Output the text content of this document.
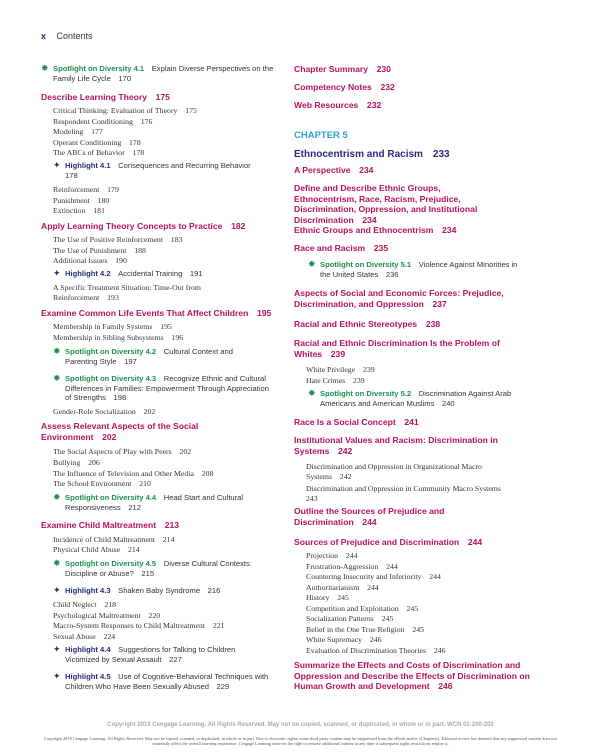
x Contents
✸ Spotlight on Diversity 4.1   Explain Diverse Perspectives on the Family Life Cycle   170
Describe Learning Theory   175
Critical Thinking: Evaluation of Theory   175
Respondent Conditioning   176
Modeling   177
Operant Conditioning   178
The ABCs of Behavior   178
✦ Highlight 4.1   Consequences and Recurring Behavior  178
Reinforcement   179
Punishment   180
Extinction   181
Apply Learning Theory Concepts to Practice   182
The Use of Positive Reinforcement   183
The Use of Punishment   188
Additional Issues   190
✦ Highlight 4.2   Accidental Training   191
A Specific Treatment Situation: Time-Out from Reinforcement   193
Examine Common Life Events That Affect Children   195
Membership in Family Systems   195
Membership in Sibling Subsystems   196
✸ Spotlight on Diversity 4.2   Cultural Context and Parenting Style   197
✸ Spotlight on Diversity 4.3   Recognize Ethnic and Cultural Differences in Families: Empowerment Through Appreciation of Strengths   198
Gender-Role Socialization   202
Assess Relevant Aspects of the Social Environment   202
The Social Aspects of Play with Peers   202
Bullying   206
The Influence of Television and Other Media   208
The School Environment   210
✸ Spotlight on Diversity 4.4   Head Start and Cultural Responsiveness   212
Examine Child Maltreatment   213
Incidence of Child Maltreatment   214
Physical Child Abuse   214
✸ Spotlight on Diversity 4.5   Diverse Cultural Contexts: Discipline or Abuse?   215
✦ Highlight 4.3   Shaken Baby Syndrome   216
Child Neglect   218
Psychological Maltreatment   220
Macro-System Responses to Child Maltreatment   221
Sexual Abuse   224
✦ Highlight 4.4   Suggestions for Talking to Children Victimized by Sexual Assault   227
✦ Highlight 4.5   Use of Cognitive-Behavioral Techniques with Children Who Have Been Sexually Abused   229
Chapter Summary   230
Competency Notes   232
Web Resources   232
CHAPTER 5
Ethnocentrism and Racism   233
A Perspective   234
Define and Describe Ethnic Groups, Ethnocentrism, Race, Racism, Prejudice, Discrimination, Oppression, and Institutional Discrimination   234
Ethnic Groups and Ethnocentrism   234
Race and Racism   235
✸ Spotlight on Diversity 5.1   Violence Against Minorities in the United States   236
Aspects of Social and Economic Forces: Prejudice, Discrimination, and Oppression   237
Racial and Ethnic Stereotypes   238
Racial and Ethnic Discrimination Is the Problem of Whites   239
White Privilege   239
Hate Crimes   239
✸ Spotlight on Diversity 5.2   Discrimination Against Arab Americans and American Muslims   240
Race Is a Social Concept   241
Institutional Values and Racism: Discrimination in Systems   242
Discrimination and Oppression in Organizational Macro Systems   242
Discrimination and Oppression in Community Macro Systems  243
Outline the Sources of Prejudice and Discrimination   244
Sources of Prejudice and Discrimination   244
Projection   244
Frustration-Aggression   244
Countering Insecurity and Inferiority   244
Authoritarianism   244
History   245
Competition and Exploitation   245
Socialization Patterns   245
Belief in the One True Religion   245
White Supremacy   246
Evaluation of Discrimination Theories   246
Summarize the Effects and Costs of Discrimination and Oppression and Describe the Effects of Discrimination on Human Growth and Development   246
Copyright 2019 Cengage Learning. All Rights Reserved. May not be copied, scanned, or duplicated, in whole or in part. WCN 02-200-202
Copyright 2019 Cengage Learning. All Rights Reserved. May not be copied, scanned, or duplicated, in whole or in part. Due to electronic rights, some third party content may be suppressed from the eBook and/or eChapter(s). Editorial review has deemed that any suppressed content does not materially affect the overall learning experience. Cengage Learning reserves the right to remove additional content at any time if subsequent rights restrictions require it.
